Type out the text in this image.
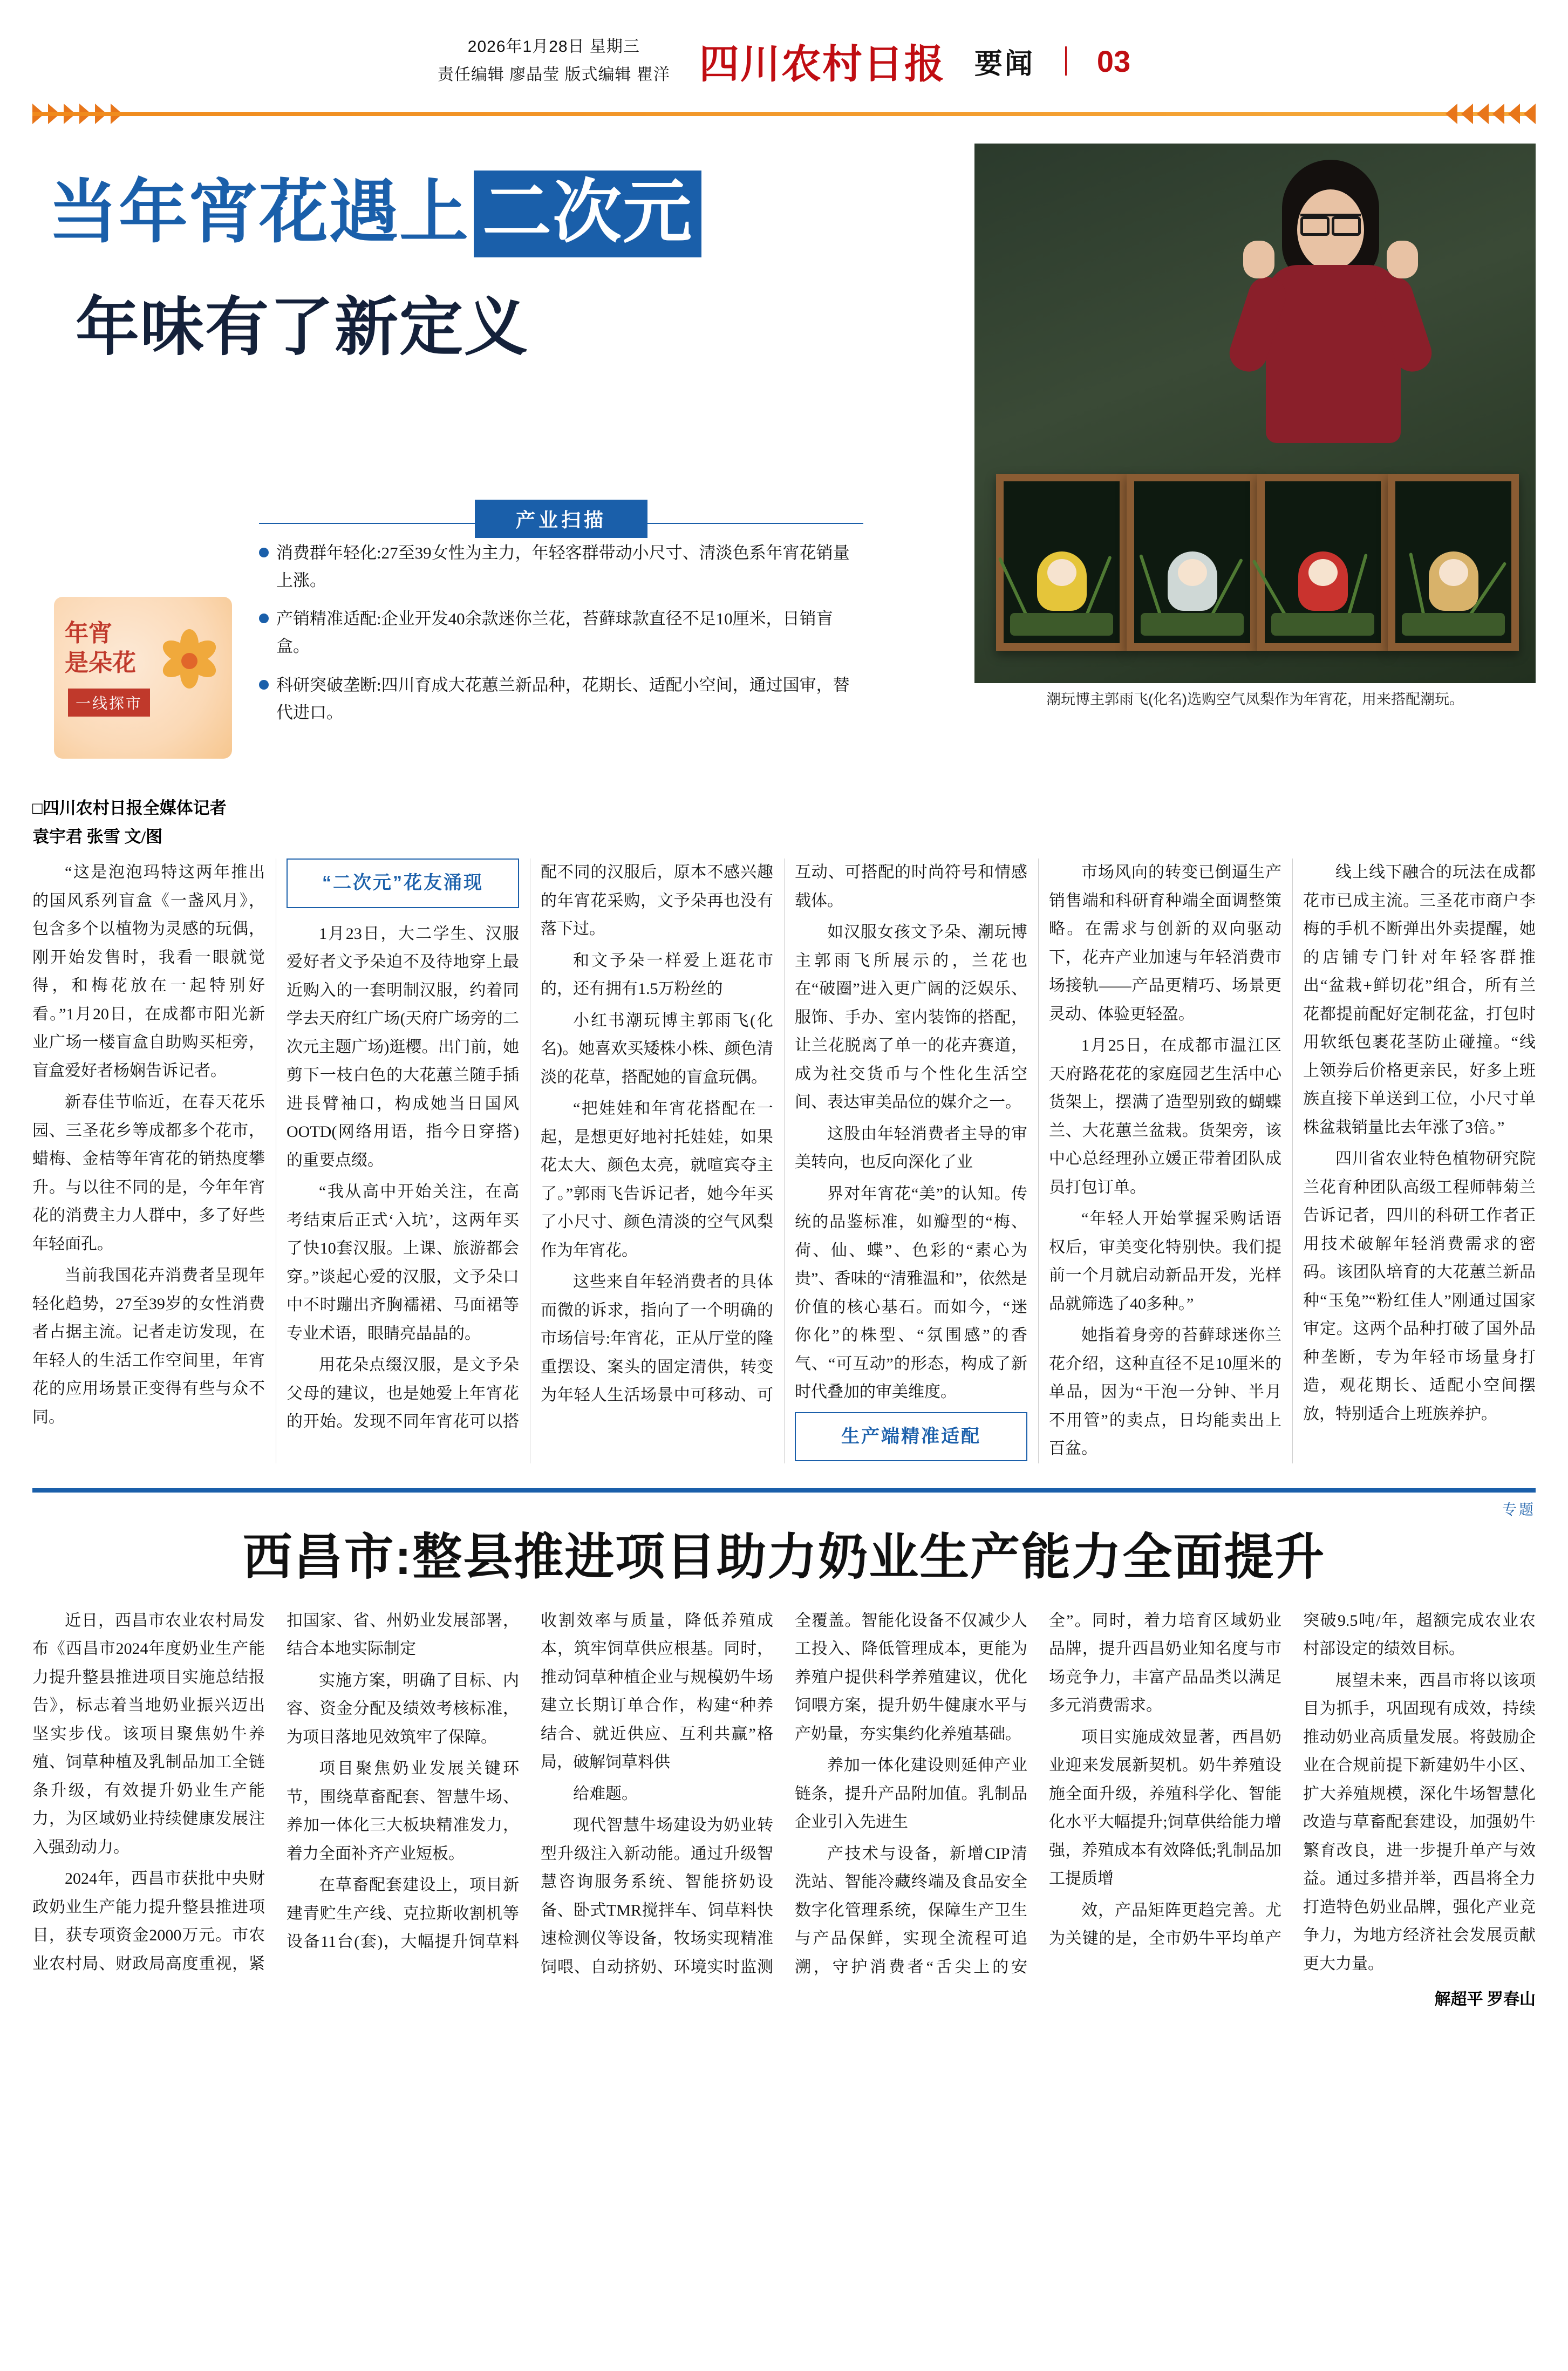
2026年1月28日 星期三
责任编辑 廖晶莹 版式编辑 瞿洋 四川农村日报	要闻 03
当年宵花遇上 二次元
年味有了新定义
潮玩博主郭雨飞(化名)选购空气凤梨作为年宵花，用来搭配潮玩。
年宵
是朵花
一线探市
产业扫描
消费群年轻化:27至39女性为主力，年轻客群带动小尺寸、清淡色系年宵花销量上涨。
产销精准适配:企业开发40余款迷你兰花，苔藓球款直径不足10厘米，日销盲盒。
科研突破垄断:四川育成大花蕙兰新品种，花期长、适配小空间，通过国审，替代进口。
□四川农村日报全媒体记者
袁宇君 张雪 文/图

“这是泡泡玛特这两年推出的国风系列盲盒《一盏风月》，包含多个以植物为灵感的玩偶，刚开始发售时，我看一眼就觉得，和梅花放在一起特别好看。”1月20日，在成都市阳光新业广场一楼盲盒自助购买柜旁，盲盒爱好者杨娴告诉记者。

新春佳节临近，在春天花乐园、三圣花乡等成都多个花市，蜡梅、金桔等年宵花的销热度攀升。与以往不同的是，今年年宵花的消费主力人群中，多了好些年轻面孔。

当前我国花卉消费者呈现年轻化趋势，27至39岁的女性消费者占据主流。记者走访发现，在年轻人的生活工作空间里，年宵花的应用场景正变得有些与众不同。

“二次元”花友涌现

1月23日，大二学生、汉服爱好者文予朵迫不及待地穿上最近购入的一套明制汉服，约着同学去天府红广场(天府广场旁的二次元主题广场)逛樱。出门前，她剪下一枝白色的大花蕙兰随手插进長臂袖口，构成她当日国风OOTD(网络用语，指今日穿搭)的重要点缀。

“我从高中开始关注，在高考结束后正式‘入坑’，这两年买了快10套汉服。上课、旅游都会穿。”谈起心爱的汉服，文予朵口中不时蹦出齐胸襦裙、马面裙等专业术语，眼睛亮晶晶的。

用花朵点缀汉服，是文予朵父母的建议，也是她爱上年宵花的开始。发现不同年宵花可以搭配不同的汉服后，原本不感兴趣的年宵花采购，文予朵再也没有落下过。

和文予朵一样爱上逛花市的，还有拥有1.5万粉丝的

小红书潮玩博主郭雨飞(化名)。她喜欢买矮株小株、颜色清淡的花草，搭配她的盲盒玩偶。

“把娃娃和年宵花搭配在一起，是想更好地衬托娃娃，如果花太大、颜色太亮，就喧宾夺主了。”郭雨飞告诉记者，她今年买了小尺寸、颜色清淡的空气风梨作为年宵花。

这些来自年轻消费者的具体而微的诉求，指向了一个明确的市场信号:年宵花，正从厅堂的隆重摆设、案头的固定清供，转变为年轻人生活场景中可移动、可互动、可搭配的时尚符号和情感载体。

如汉服女孩文予朵、潮玩博主郭雨飞所展示的，兰花也在“破圈”进入更广阔的泛娱乐、服饰、手办、室内装饰的搭配，让兰花脱离了单一的花卉赛道，成为社交货币与个性化生活空间、表达审美品位的媒介之一。

这股由年轻消费者主导的审美转向，也反向深化了业

界对年宵花“美”的认知。传统的品鉴标准，如瓣型的“梅、荷、仙、蝶”、色彩的“素心为贵”、香味的“清雅温和”，依然是价值的核心基石。而如今，“迷你化”的株型、“氛围感”的香气、“可互动”的形态，构成了新时代叠加的审美维度。

生产端精准适配

市场风向的转变已倒逼生产销售端和科研育种端全面调整策略。在需求与创新的双向驱动下，花卉产业加速与年轻消费市场接轨——产品更精巧、场景更灵动、体验更轻盈。

1月25日，在成都市温江区天府路花花的家庭园艺生活中心货架上，摆满了造型别致的蝴蝶兰、大花蕙兰盆栽。货架旁，该中心总经理孙立媛正带着团队成员打包订单。

“年轻人开始掌握采购话语权后，审美变化特别快。我们提前一个月就启动新品开发，光样品就筛选了40多种。”

她指着身旁的苔藓球迷你兰花介绍，这种直径不足10厘米的单品，因为“干泡一分钟、半月不用管”的卖点，日均能卖出上百盆。

线上线下融合的玩法在成都花市已成主流。三圣花市商户李梅的手机不断弹出外卖提醒，她的店铺专门针对年轻客群推出“盆栽+鲜切花”组合，所有兰花都提前配好定制花盆，打包时用软纸包裹花茎防止碰撞。“线上领券后价格更亲民，好多上班族直接下单送到工位，小尺寸单株盆栽销量比去年涨了3倍。”

四川省农业特色植物研究院兰花育种团队高级工程师韩菊兰告诉记者，四川的科研工作者正用技术破解年轻消费需求的密码。该团队培育的大花蕙兰新品种“玉兔”“粉红佳人”刚通过国家审定。这两个品种打破了国外品种垄断，专为年轻市场量身打造，观花期长、适配小空间摆放，特别适合上班族养护。

专题
西昌市:整县推进项目助力奶业生产能力全面提升

近日，西昌市农业农村局发布《西昌市2024年度奶业生产能力提升整县推进项目实施总结报告》，标志着当地奶业振兴迈出坚实步伐。该项目聚焦奶牛养殖、饲草种植及乳制品加工全链条升级，有效提升奶业生产能力，为区域奶业持续健康发展注入强劲动力。

2024年，西昌市获批中央财政奶业生产能力提升整县推进项目，获专项资金2000万元。市农业农村局、财政局高度重视，紧扣国家、省、州奶业发展部署，结合本地实际制定

实施方案，明确了目标、内容、资金分配及绩效考核标准，为项目落地见效筑牢了保障。

项目聚焦奶业发展关键环节，围绕草畜配套、智慧牛场、养加一体化三大板块精准发力，着力全面补齐产业短板。

在草畜配套建设上，项目新建青贮生产线、克拉斯收割机等设备11台(套)，大幅提升饲草料收割效率与质量，降低养殖成本，筑牢饲草供应根基。同时，推动饲草种植企业与规模奶牛场建立长期订单合作，构建“种养结合、就近供应、互利共赢”格局，破解饲草料供

给难题。

现代智慧牛场建设为奶业转型升级注入新动能。通过升级智慧咨询服务系统、智能挤奶设备、卧式TMR搅拌车、饲草料快速检测仪等设备，牧场实现精准饲喂、自动挤奶、环境实时监测全覆盖。智能化设备不仅减少人工投入、降低管理成本，更能为养殖户提供科学养殖建议，优化饲喂方案，提升奶牛健康水平与产奶量，夯实集约化养殖基础。

养加一体化建设则延伸产业链条，提升产品附加值。乳制品企业引入先进生

产技术与设备，新增CIP清洗站、智能冷藏终端及食品安全数字化管理系统，保障生产卫生与产品保鲜，实现全流程可追溯，守护消费者“舌尖上的安全”。同时，着力培育区域奶业品牌，提升西昌奶业知名度与市场竞争力，丰富产品品类以满足多元消费需求。

项目实施成效显著，西昌奶业迎来发展新契机。奶牛养殖设施全面升级，养殖科学化、智能化水平大幅提升;饲草供给能力增强，养殖成本有效降低;乳制品加工提质增

效，产品矩阵更趋完善。尤为关键的是，全市奶牛平均单产突破9.5吨/年，超额完成农业农村部设定的绩效目标。

展望未来，西昌市将以该项目为抓手，巩固现有成效，持续推动奶业高质量发展。将鼓励企业在合规前提下新建奶牛小区、扩大养殖规模，深化牛场智慧化改造与草畜配套建设，加强奶牛繁育改良，进一步提升单产与效益。通过多措并举，西昌将全力打造特色奶业品牌，强化产业竞争力，为地方经济社会发展贡献更大力量。

解超平 罗春山
